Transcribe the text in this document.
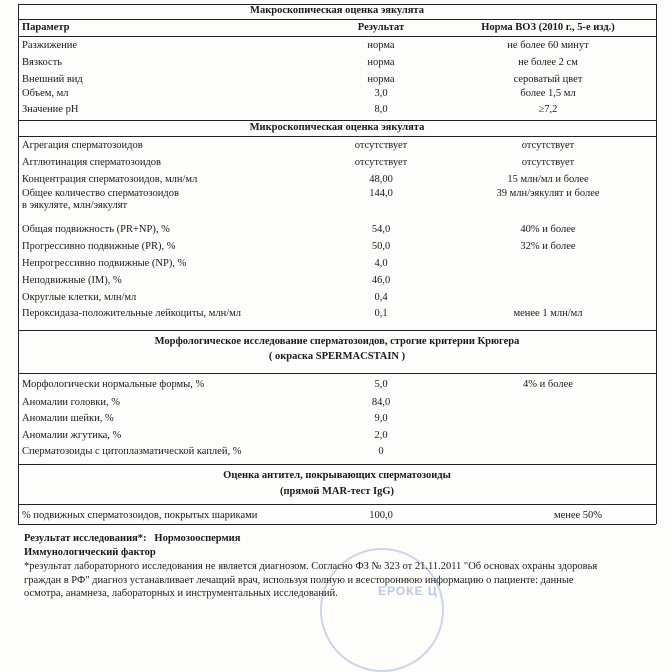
Макроскопическая оценка эякулята
Параметр	Результат	Норма ВОЗ (2010 г., 5-е изд.)
Разжижение	норма	не более 60 минут
Вязкость	норма	не более 2 см
Внешний вид	норма	сероватый цвет
Объем, мл	3,0	более 1,5 мл
Значение pH	8,0	≥7,2
Микроскопическая оценка эякулята
Агрегация сперматозоидов	отсутствует	отсутствует
Агглютинация сперматозоидов	отсутствует	отсутствует
Концентрация сперматозоидов, млн/мл	48,00	15 млн/мл и более
Общее количество сперматозоидов
в эякуляте, млн/эякулят
144,0	39 млн/эякулят и более
Общая подвижность (PR+NP), %	54,0	40% и более
Прогрессивно подвижные (PR), %	50,0	32% и более
Непрогрессивно подвижные (NP), %	4,0
Неподвижные (IM), %	46,0
Округлые клетки, млн/мл	0,4
Пероксидаза-положительные лейкоциты, млн/мл	0,1	менее 1 млн/мл
Морфологическое исследование сперматозоидов, строгие критерии Крюгера
( окраска SPERMACSTAIN )
Морфологически нормальные формы, %	5,0	4% и более
Аномалии головки, %	84,0
Аномалии шейки, %	9,0
Аномалии жгутика, %	2,0
Сперматозоиды с цитоплазматической каплей, %	0
Оценка антител, покрывающих сперматозоиды
(прямой MAR-тест IgG)
% подвижных сперматозоидов, покрытых шариками	100,0	менее 50%
ЕРОКЕ Ц
Результат исследования*: Нормозооспермия
Иммунологический фактор
*результат лабораторного исследования не является диагнозом. Согласно ФЗ № 323 от 21.11.2011 "Об основах охраны здоровья
граждан в РФ" диагноз устанавливает лечащий врач, используя полную и всестороннюю информацию о пациенте: данные
осмотра, анамнеза, лабораторных и инструментальных исследований.
